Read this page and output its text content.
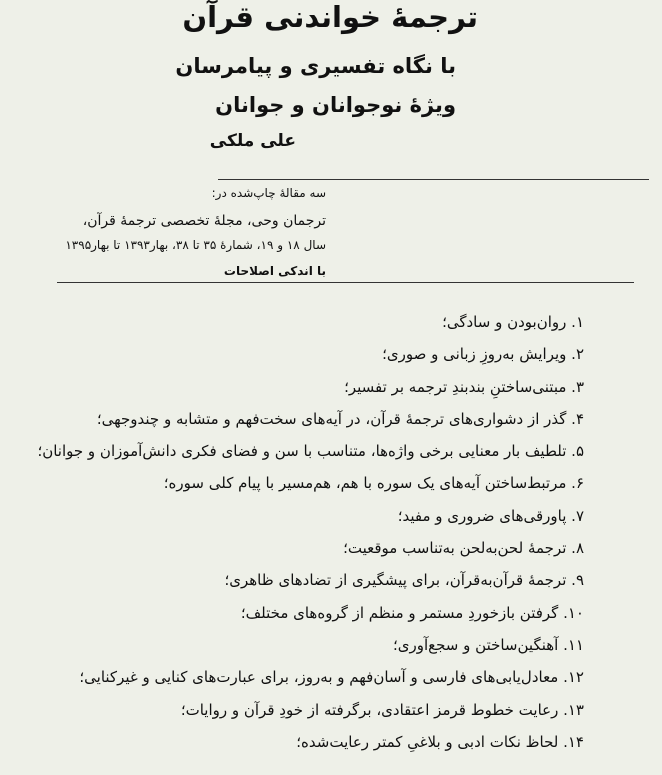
ترجمهٔ خواندنی قرآن
با نگاه تفسیری و پیامرسان
ویژهٔ نوجوانان و جوانان
علی ملکی
سه مقالهٔ چاپ‌شده در:
ترجمان وحی، مجلهٔ تخصصی ترجمهٔ قرآن،
سال ۱۸ و ۱۹، شمارهٔ ۳۵ تا ۳۸، بهار۱۳۹۳ تا بهار۱۳۹۵
با اندکی اصلاحات
۱. روان‌بودن و سادگی؛
۲. ویرایش به‌روزِ زبانی و صوری؛
۳. مبتنی‌ساختنِ بندبندِ ترجمه بر تفسیر؛
۴. گذر از دشواری‌های ترجمهٔ قرآن، در آیه‌های سخت‌فهم و متشابه و چندوجهی؛
۵. تلطیف بار معنایی برخی واژه‌ها، متناسب با سن و فضای فکری دانش‌آموزان و جوانان؛
۶. مرتبط‌ساختن آیه‌های یک سوره با هم، هم‌مسیر با پیام کلی سوره؛
۷. پاورقی‌های ضروری و مفید؛
۸. ترجمهٔ لحن‌به‌لحن به‌تناسب موقعیت؛
۹. ترجمهٔ قرآن‌به‌قرآن، برای پیشگیری از تضادهای ظاهری؛
۱۰. گرفتن بازخوردِ مستمر و منظم از گروه‌های مختلف؛
۱۱. آهنگین‌ساختن و سجع‌آوری؛
۱۲. معادل‌یابی‌های فارسی و آسان‌فهم و به‌روز، برای عبارت‌های کنایی و غیرکنایی؛
۱۳. رعایت خطوط قرمز اعتقادی، برگرفته از خودِ قرآن و روایات؛
۱۴. لحاظ نکات ادبی و بلاغیِ کمتر رعایت‌شده؛
